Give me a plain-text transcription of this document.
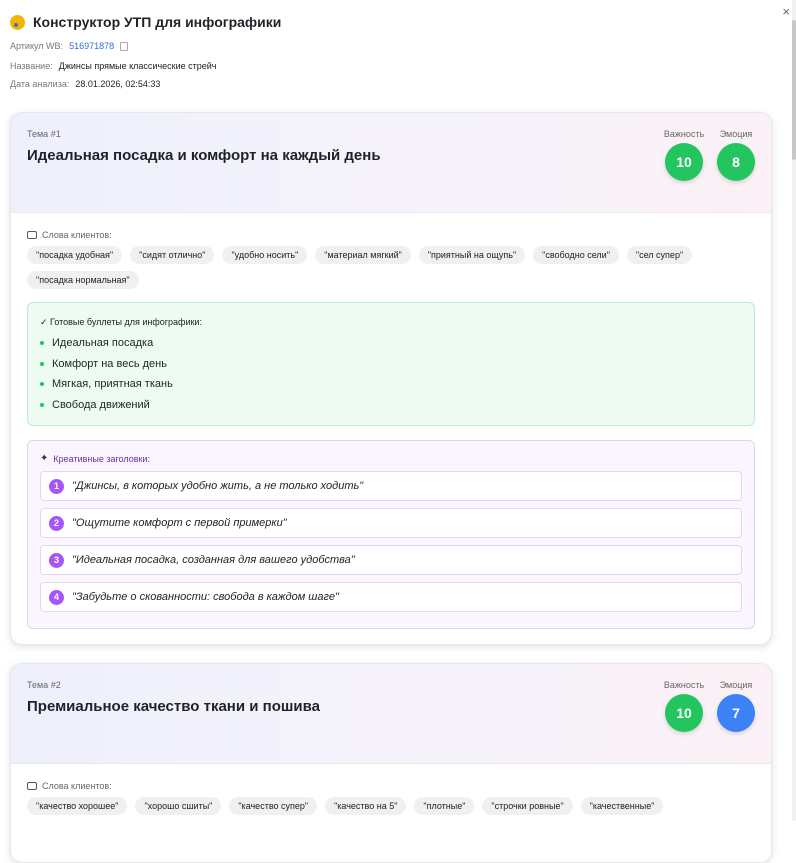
×
Конструктор УТП для инфографики
Артикул WB: 516971878
Название: Джинсы прямые классические стрейч
Дата анализа: 28.01.2026, 02:54:33
Тема #1
Идеальная посадка и комфорт на каждый день
Важность
10
Эмоция
8
Слова клиентов:
"посадка удобная"	"сидят отлично"	"удобно носить"	"материал мягкий"	"приятный на ощупь"	"свободно сели"	"сел супер"
"посадка нормальная"
✓ Готовые буллеты для инфографики:
Идеальная посадка
Комфорт на весь день
Мягкая, приятная ткань
Свобода движений
✦ Креативные заголовки:
1	"Джинсы, в которых удобно жить, а не только ходить"
2	"Ощутите комфорт с первой примерки"
3	"Идеальная посадка, созданная для вашего удобства"
4	"Забудьте о скованности: свобода в каждом шаге"
Тема #2
Премиальное качество ткани и пошива
Важность
10
Эмоция
7
Слова клиентов:
"качество хорошее"	"хорошо сшиты"	"качество супер"	"качество на 5"	"плотные"	"строчки ровные"	"качественные"
